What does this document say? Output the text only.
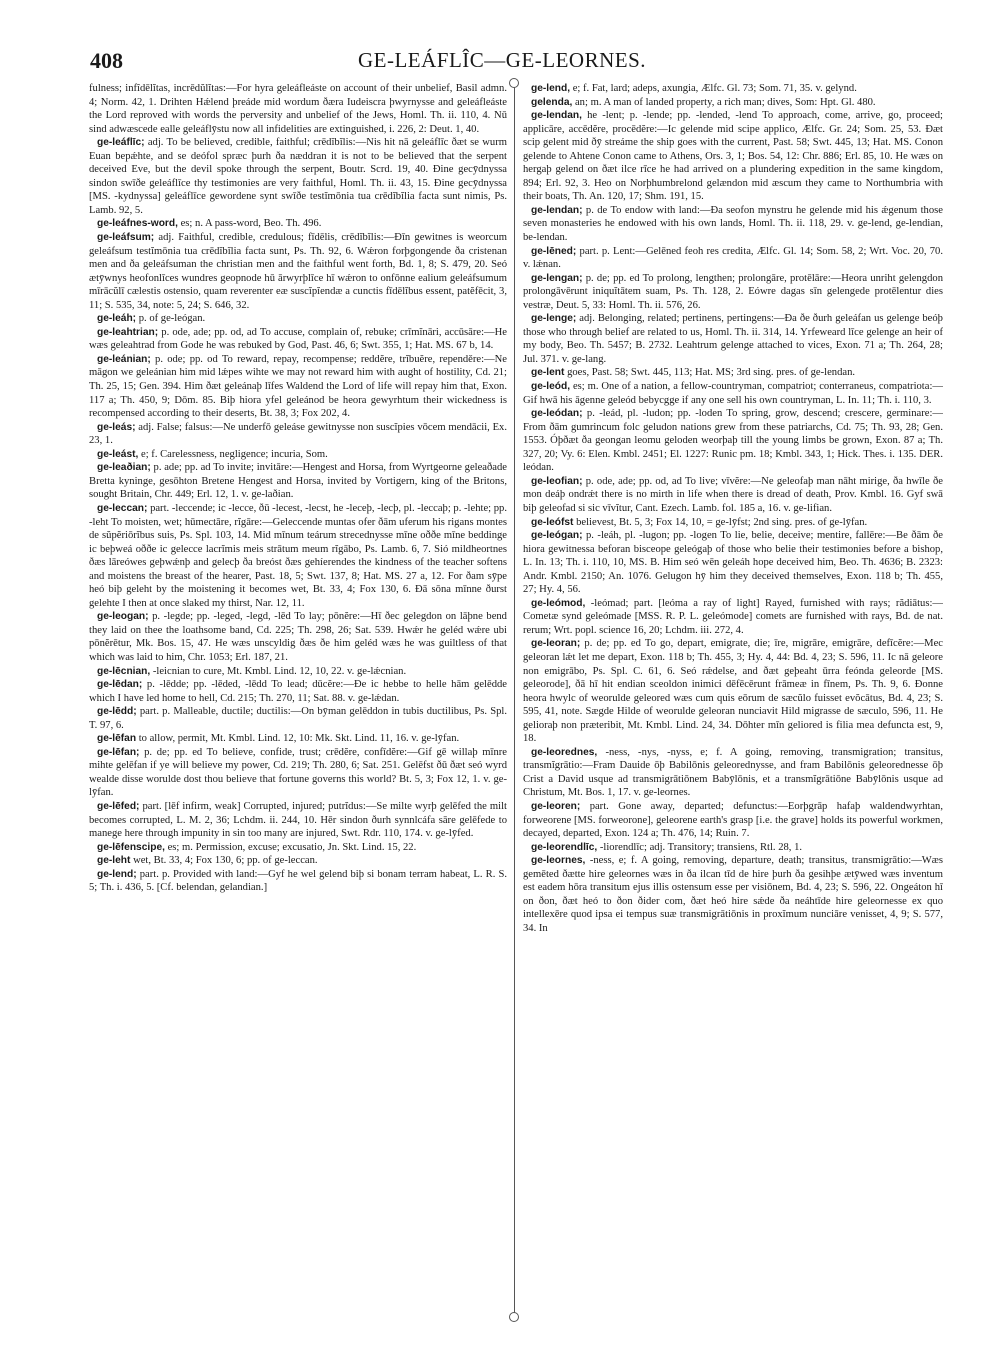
408	GE-LEÁFLÎC—GE-LEORNES.

fulness; infîdēlĭtas, incrēdŭlĭtas:—For hyra geleáfleáste on account of their unbelief, Basil admn. 4; Norm. 42, 1. Drihten Hǽlend þreáde mid wordum ðæra Iudeiscra þwyrnysse and geleáfleáste the Lord reproved with words the perversity and unbelief of the Jews, Homl. Th. ii. 110, 4. Nū sind adwæscede ealle geleáflȳstu now all infidelities are extinguished, i. 226, 2: Deut. 1, 40.

ge-leáflīc; adj. To be believed, credible, faithful; crēdĭbĭlis:—Nis hit nā geleáflīc ðæt se wurm Euan bepǽhte, and se deófol spræc þurh ða næddran it is not to be believed that the serpent deceived Eve, but the devil spoke through the serpent, Boutr. Scrd. 19, 40. Ðine gecȳdnyssa sindon swīðe geleáflīce thy testimonies are very faithful, Homl. Th. ii. 43, 15. Ðine gecȳdnyssa [MS. -kydnyssa] geleáflīce gewordene synt swīðe testĭmōnia tua crēdĭbĭlia facta sunt nimis, Ps. Lamb. 92, 5.

ge-leáfnes-word, es; n. A pass-word, Beo. Th. 496.

ge-leáfsum; adj. Faithful, credible, credulous; fīdēlis, crēdĭbĭlis:—Ðīn gewitnes is weorcum geleáfsum testĭmōnia tua crēdĭbĭlia facta sunt, Ps. Th. 92, 6. Wǽron forþgongende ða cristenan men and ða geleáfsuman the christian men and the faithful went forth, Bd. 1, 8; S. 479, 20. Seó ætȳwnys heofonlīces wundres geopnode hū ārwyrþlīce hī wǽron to onfōnne ealium geleáfsumum mīrācŭlī cælestis ostensio, quam reverenter eæ suscĭpĭendæ a cunctis fīdēlĭbus essent, patĕfēcit, 3, 11; S. 535, 34, note: 5, 24; S. 646, 32.

ge-leáh; p. of ge-leógan.

ge-leahtrian; p. ode, ade; pp. od, ad To accuse, complain of, rebuke; crīmĭnāri, accūsāre:—He wæs geleahtrad from Gode he was rebuked by God, Past. 46, 6; Swt. 355, 1; Hat. MS. 67 b, 14.

ge-leánian; p. ode; pp. od To reward, repay, recompense; reddĕre, trĭbuĕre, rependěre:—Ne māgon we geleánian him mid lǽpes wihte we may not reward him with aught of hostility, Cd. 21; Th. 25, 15; Gen. 394. Him ðæt geleánaþ līfes Waldend the Lord of life will repay him that, Exon. 117 a; Th. 450, 9; Dōm. 85. Biþ hiora yfel geleánod be heora gewyrhtum their wickedness is recompensed according to their deserts, Bt. 38, 3; Fox 202, 4.

ge-leás; adj. False; falsus:—Ne underfō geleáse gewitnysse non suscĭpies vōcem mendācii, Ex. 23, 1.

ge-leást, e; f. Carelessness, negligence; incuria, Som.

ge-leaðian; p. ade; pp. ad To invite; invitāre:—Hengest and Horsa, from Wyrtgeorne geleaðade Bretta kyninge, gesōhton Bretene Hengest and Horsa, invited by Vortigern, king of the Britons, sought Britain, Chr. 449; Erl. 12, 1. v. ge-laðian.

ge-leccan; part. -leccende; ic -lecce, ðū -lecest, -lecst, he -leceþ, -lecþ, pl. -leccaþ; p. -lehte; pp. -leht To moisten, wet; hūmectāre, rĭgāre:—Geleccende muntas ofer ðām uferum his rigans montes de sŭpĕriōrĭbus suis, Ps. Spl. 103, 14. Mid mīnum teárum strecednysse mīne oððe mīne beddinge ic beþweá oððe ic gelecce lacrĭmis meis strātum meum rĭgābo, Ps. Lamb. 6, 7. Sió mildheortnes ðæs lāreówes geþwǽnþ and gelecþ ða breóst ðæs gehíerendes the kindness of the teacher softens and moistens the breast of the hearer, Past. 18, 5; Swt. 137, 8; Hat. MS. 27 a, 12. For ðam sȳpe heó biþ geleht by the moistening it becomes wet, Bt. 33, 4; Fox 130, 6. Ðā sōna mīnne ðurst gelehte I then at once slaked my thirst, Nar. 12, 11.

ge-leogan; p. -legde; pp. -leged, -legd, -lēd To lay; pōnĕre:—Hī ðec gelegdon on lāþne bend they laid on thee the loathsome band, Cd. 225; Th. 298, 26; Sat. 539. Hwǽr he geléd wǽre ubi pōnĕrētur, Mk. Bos. 15, 47. He wæs unscyldig ðæs ðe him geléd wæs he was guiltless of that which was laid to him, Chr. 1053; Erl. 187, 21.

ge-lēcnian, -leicnian to cure, Mt. Kmbl. Lind. 12, 10, 22. v. ge-lǽcnian.

ge-lēdan; p. -lēdde; pp. -lēded, -lēdd To lead; dūcĕre:—Ðe ic hebbe to helle hām gelēdde which I have led home to hell, Cd. 215; Th. 270, 11; Sat. 88. v. ge-lǽdan.

ge-lēdd; part. p. Malleable, ductile; ductilis:—On bȳman gelēddon in tubis ductilibus, Ps. Spl. T. 97, 6.

ge-lēfan to allow, permit, Mt. Kmbl. Lind. 12, 10: Mk. Skt. Lind. 11, 16. v. ge-lȳfan.

ge-lēfan; p. de; pp. ed To believe, confide, trust; crēdĕre, confīdĕre:—Gif gē willaþ mīnre mihte gelēfan if ye will believe my power, Cd. 219; Th. 280, 6; Sat. 251. Gelēfst ðū ðæt seó wyrd wealde disse worulde dost thou believe that fortune governs this world? Bt. 5, 3; Fox 12, 1. v. ge-lȳfan.

ge-lēfed; part. [lēf infirm, weak] Corrupted, injured; putrĭdus:—Se milte wyrþ gelēfed the milt becomes corrupted, L. M. 2, 36; Lchdm. ii. 244, 10. Hēr sindon ðurh synnlcáfa sāre gelēfede to manege here through impunity in sin too many are injured, Swt. Rdr. 110, 174. v. ge-lȳfed.

ge-lēfenscipe, es; m. Permission, excuse; excusatio, Jn. Skt. Lind. 15, 22.

ge-leht wet, Bt. 33, 4; Fox 130, 6; pp. of ge-leccan.

ge-lend; part. p. Provided with land:—Gyf he wel gelend biþ si bonam terram habeat, L. R. S. 5; Th. i. 436, 5. [Cf. belendan, gelandian.]

ge-lend, e; f. Fat, lard; adeps, axungia, Ælfc. Gl. 73; Som. 71, 35. v. gelynd.

gelenda, an; m. A man of landed property, a rich man; dives, Som: Hpt. Gl. 480.

ge-lendan, he -lent; p. -lende; pp. -lended, -lend To approach, come, arrive, go, proceed; applicāre, accēdĕre, procēdĕre:—Ic gelende mid scipe applico, Ælfc. Gr. 24; Som. 25, 53. Ðæt scip gelent mid ðȳ streáme the ship goes with the current, Past. 58; Swt. 445, 13; Hat. MS. Conon gelende to Ahtene Conon came to Athens, Ors. 3, 1; Bos. 54, 12: Chr. 886; Erl. 85, 10. He wæs on hergaþ gelend on ðæt ilce rīce he had arrived on a plundering expedition in the same kingdom, 894; Erl. 92, 3. Heo on Norþhumbrelond gelændon mid æscum they came to Northumbria with their boats, Th. An. 120, 17; Shm. 191, 15.

ge-lendan; p. de To endow with land:—Ða seofon mynstru he gelende mid his ǽgenum those seven monasteries he endowed with his own lands, Homl. Th. ii. 118, 29. v. ge-lend, ge-lendian, be-lendan.

ge-lēned; part. p. Lent:—Gelēned feoh res credita, Ælfc. Gl. 14; Som. 58, 2; Wrt. Voc. 20, 70. v. lǽnan.

ge-lengan; p. de; pp. ed To prolong, lengthen; prolongāre, protēlāre:—Heora unriht gelengdon prolongāvērunt iniquĭtātem suam, Ps. Th. 128, 2. Eówre dagas sīn gelengede protēlentur dies vestræ, Deut. 5, 33: Homl. Th. ii. 576, 26.

ge-lenge; adj. Belonging, related; pertinens, pertingens:—Ða ðe ðurh geleáfan us gelenge beóþ those who through belief are related to us, Homl. Th. ii. 314, 14. Yrfeweard līce gelenge an heir of my body, Beo. Th. 5457; B. 2732. Leahtrum gelenge attached to vices, Exon. 71 a; Th. 264, 28; Jul. 371. v. ge-lang.

ge-lent goes, Past. 58; Swt. 445, 113; Hat. MS; 3rd sing. pres. of ge-lendan.

ge-leód, es; m. One of a nation, a fellow-countryman, compatriot; conterraneus, compatriota:—Gif hwā his āgenne geleód bebycgge if any one sell his own countryman, L. In. 11; Th. i. 110, 3.

ge-leódan; p. -leád, pl. -ludon; pp. -loden To spring, grow, descend; crescere, germinare:—From ðām gumrincum folc geludon nations grew from these patriarchs, Cd. 75; Th. 93, 28; Gen. 1553. Óþðæt ða geongan leomu geloden weorþaþ till the young limbs be grown, Exon. 87 a; Th. 327, 20; Vy. 6: Elen. Kmbl. 2451; El. 1227: Runic pm. 18; Kmbl. 343, 1; Hick. Thes. i. 135. DER. leódan.

ge-leofian; p. ode, ade; pp. od, ad To live; vīvĕre:—Ne geleofaþ man nāht mirige, ða hwīle ðe mon deáþ ondrǽt there is no mirth in life when there is dread of death, Prov. Kmbl. 16. Gyf swā biþ geleofad si sic vīvĭtur, Cant. Ezech. Lamb. fol. 185 a, 16. v. ge-lifian.

ge-leófst believest, Bt. 5, 3; Fox 14, 10, = ge-lȳfst; 2nd sing. pres. of ge-lȳfan.

ge-leógan; p. -leáh, pl. -lugon; pp. -logen To lie, belie, deceive; mentire, fallēre:—Be ðām ðe hiora gewitnessa beforan bisceope geleógaþ of those who belie their testimonies before a bishop, L. In. 13; Th. i. 110, 10, MS. B. Him seó wēn geleáh hope deceived him, Beo. Th. 4636; B. 2323: Andr. Kmbl. 2150; An. 1076. Gelugon hȳ him they deceived themselves, Exon. 118 b; Th. 455, 27; Hy. 4, 56.

ge-leómod, -leómad; part. [leóma a ray of light] Rayed, furnished with rays; rădiātus:—Cometæ synd geleómade [MSS. R. P. L. geleómode] comets are furnished with rays, Bd. de nat. rerum; Wrt. popl. science 16, 20; Lchdm. iii. 272, 4.

ge-leoran; p. de; pp. ed To go, depart, emigrate, die; īre, migrāre, emigrāre, defīcĕre:—Mec geleoran lǽt let me depart, Exon. 118 b; Th. 455, 3; Hy. 4, 44: Bd. 4, 23; S. 596, 11. Ic nā geleore non emigrābo, Ps. Spl. C. 61, 6. Seó rǽdelse, and ðæt geþeaht ūrra feónda geleorde [MS. geleorode], ðā hī hit endian sceoldon inimici dēfēcērunt frāmeæ in fīnem, Ps. Th. 9, 6. Ðonne heora hwylc of weorulde geleored wæs cum quis eōrum de sæcŭlo fuisset evŏcātus, Bd. 4, 23; S. 595, 41, note. Sægde Hilde of weorulde geleoran nunciavit Hild migrasse de sæculo, 596, 11. He geliorаþ non præteribit, Mt. Kmbl. Lind. 24, 34. Dōhter mīn geliored is filia mea defuncta est, 9, 18.

ge-leorednes, -ness, -nys, -nyss, e; f. A going, removing, transmigration; transitus, transmĭgrātio:—Fram Dauide ōþ Babilōnis geleorednysse, and fram Babilōnis geleorednesse ōþ Crist a David usque ad transmigrātiōnem Babȳlōnis, et a transmĭgrātiōne Babȳlōnis usque ad Christum, Mt. Bos. 1, 17. v. ge-leornes.

ge-leoren; part. Gone away, departed; defunctus:—Eorþgrāp hafaþ waldendwyrhtan, forweorene [MS. forweorone], geleorene earth's grasp [i.e. the grave] holds its powerful workmen, decayed, departed, Exon. 124 a; Th. 476, 14; Ruin. 7.

ge-leorendlīc, -liorendlīc; adj. Transitory; transiens, Rtl. 28, 1.

ge-leornes, -ness, e; f. A going, removing, departure, death; transitus, transmigrātio:—Wæs gemēted ðætte hire geleornes wæs in ða ilcan tīd de hire þurh ða gesihþe ætȳwed wæs inventum est eadem hōra transitum ejus illis ostensum esse per visiōnem, Bd. 4, 23; S. 596, 22. Ongeáton hī on ðon, ðæt heó to ðon ðider com, ðæt heó hire sǽde ða neáhtīde hire geleornesse ex quo intellexēre quod ipsa ei tempus suæ transmigrātiōnis in proxĭmum nunciāre venisset, 4, 9; S. 577, 34. In
